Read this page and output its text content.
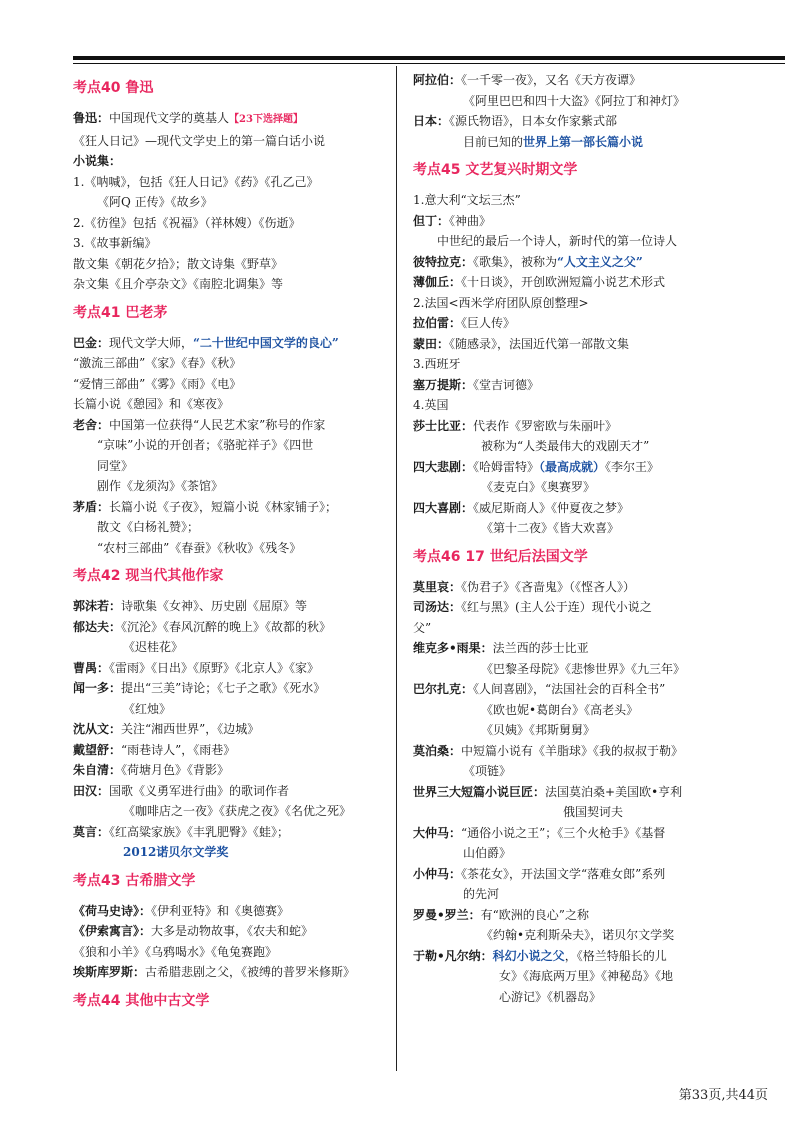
考点40 鲁迅
鲁迅：中国现代文学的奠基人【23下选择题】
《狂人日记》—现代文学史上的第一篇白话小说
小说集：
1.《呐喊》，包括《狂人日记》《药》《孔乙己》
《阿Q 正传》《故乡》
2.《彷徨》包括《祝福》（祥林嫂）《伤逝》
3.《故事新编》
散文集《朝花夕拾》；散文诗集《野草》
杂文集《且介亭杂文》《南腔北调集》等
考点41 巴老茅
巴金：现代文学大师，“二十世纪中国文学的良心”
“激流三部曲”《家》《春》《秋》
“爱情三部曲”《雾》《雨》《电》
长篇小说《憩园》和《寒夜》
老舍：中国第一位获得“人民艺术家”称号的作家
“京味”小说的开创者；《骆驼祥子》《四世
同堂》
剧作《龙须沟》《茶馆》
茅盾：长篇小说《子夜》，短篇小说《林家铺子》；
散文《白杨礼赞》；
“农村三部曲”《春蚕》《秋收》《残冬》
考点42 现当代其他作家
郭沫若：诗歌集《女神》、历史剧《屈原》等
郁达夫：《沉沦》《春风沉醉的晚上》《故都的秋》
《迟桂花》
曹禺：《雷雨》《日出》《原野》《北京人》《家》
闻一多：提出“三美”诗论；《七子之歌》《死水》
《红烛》
沈从文：关注“湘西世界”，《边城》
戴望舒：“雨巷诗人”，《雨巷》
朱自清：《荷塘月色》《背影》
田汉：国歌《义勇军进行曲》的歌词作者
《咖啡店之一夜》《获虎之夜》《名优之死》
莫言：《红高粱家族》《丰乳肥臀》《蛙》；
2012诺贝尔文学奖
考点43 古希腊文学
《荷马史诗》：《伊利亚特》和《奥德赛》
《伊索寓言》：大多是动物故事，《农夫和蛇》
《狼和小羊》《乌鸦喝水》《龟兔赛跑》
埃斯库罗斯：古希腊悲剧之父，《被缚的普罗米修斯》
考点44 其他中古文学
阿拉伯：《一千零一夜》，又名《天方夜谭》
《阿里巴巴和四十大盗》《阿拉丁和神灯》
日本：《源氏物语》，日本女作家紫式部
目前已知的世界上第一部长篇小说
考点45 文艺复兴时期文学
1.意大利“文坛三杰”
但丁：《神曲》
中世纪的最后一个诗人，新时代的第一位诗人
彼特拉克：《歌集》，被称为“人文主义之父”
薄伽丘：《十日谈》，开创欧洲短篇小说艺术形式
2.法国<西米学府团队原创整理>
拉伯雷：《巨人传》
蒙田：《随感录》，法国近代第一部散文集
3.西班牙
塞万提斯：《堂吉诃德》
4.英国
莎士比亚：代表作《罗密欧与朱丽叶》
被称为“人类最伟大的戏剧天才”
四大悲剧：《哈姆雷特》（最高成就）《李尔王》
《麦克白》《奥赛罗》
四大喜剧：《威尼斯商人》《仲夏夜之梦》
《第十二夜》《皆大欢喜》
考点46 17 世纪后法国文学
莫里哀：《伪君子》《吝啬鬼》（《悭吝人》）
司汤达：《红与黑》(主人公于连）现代小说之
父”
维克多•雨果：法兰西的莎士比亚
《巴黎圣母院》《悲惨世界》《九三年》
巴尔扎克：《人间喜剧》，“法国社会的百科全书”
《欧也妮•葛朗台》《高老头》
《贝姨》《邦斯舅舅》
莫泊桑：中短篇小说有《羊脂球》《我的叔叔于勒》
《项链》
世界三大短篇小说巨匠：法国莫泊桑+美国欧•亨利
俄国契诃夫
大仲马：“通俗小说之王”；《三个火枪手》《基督
山伯爵》
小仲马：《茶花女》，开法国文学“落难女郎”系列
的先河
罗曼•罗兰：有“欧洲的良心”之称
《约翰•克利斯朵夫》，诺贝尔文学奖
于勒•凡尔纳：科幻小说之父，《格兰特船长的儿
女》《海底两万里》《神秘岛》《地
心游记》《机器岛》
第33页,共44页
